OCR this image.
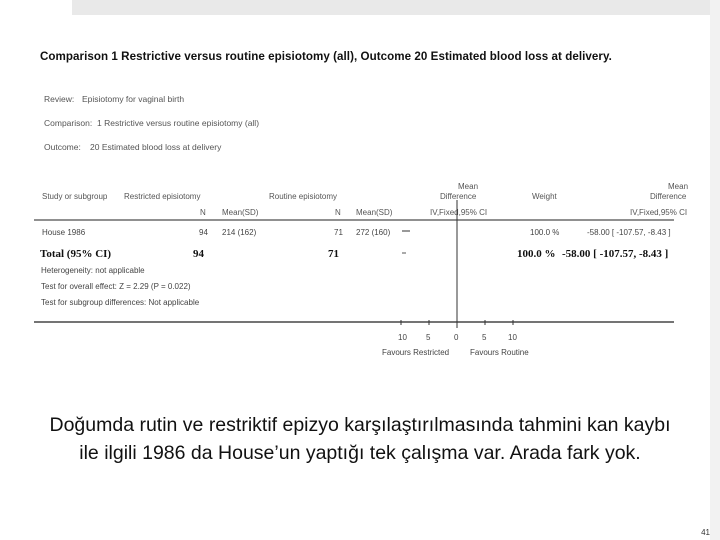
Comparison 1 Restrictive versus routine episiotomy (all), Outcome 20 Estimated blood loss at delivery.
Review: Episiotomy for vaginal birth
Comparison: 1 Restrictive versus routine episiotomy (all)
Outcome: 20 Estimated blood loss at delivery
Study or subgroup Restricted episiotomy	Routine episiotomy
Mean
Difference	Weight
Mean
Difference
N Mean(SD)	N Mean(SD)	IV,Fixed,95% CI	IV,Fixed,95% CI
House 1986	94 214 (162)	71 272 (160)	100.0 %	-58.00 [ -107.57, -8.43 ]
Total (95% CI)	94	71	100.0 % -58.00 [ -107.57, -8.43 ]
Heterogeneity: not applicable
Test for overall effect: Z = 2.29 (P = 0.022)
Test for subgroup differences: Not applicable
10 5	0	5	10
Favours Restricted	Favours Routine
Doğumda rutin ve restriktif epizyo karşılaştırılmasında tahmini kan kaybı ile ilgili 1986 da House’un yaptığı tek çalışma var. Arada fark yok.
41
